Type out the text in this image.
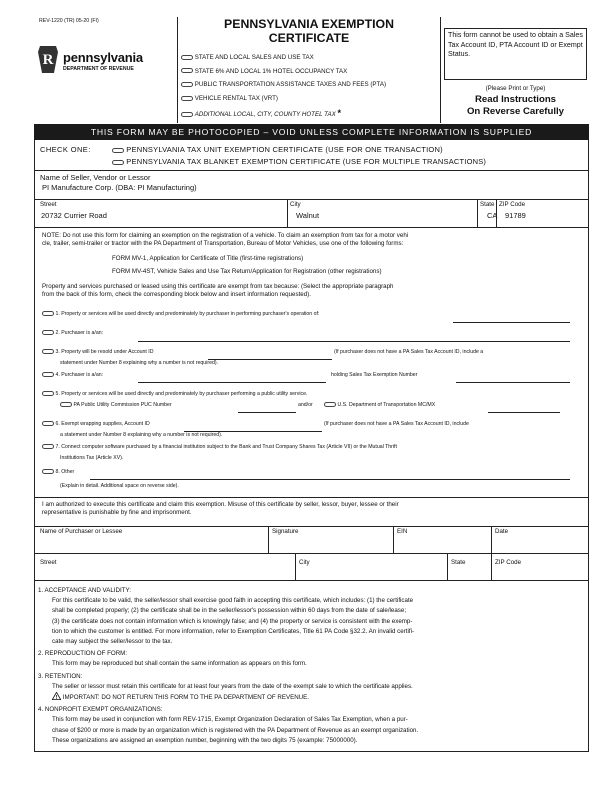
REV-1220 (TR) 05-20 (FI)
R pennsylvania
DEPARTMENT OF REVENUE
PENNSYLVANIA EXEMPTION
CERTIFICATE
STATE AND LOCAL SALES AND USE TAX
STATE 6% AND LOCAL 1% HOTEL OCCUPANCY TAX
PUBLIC TRANSPORTATION ASSISTANCE TAXES AND FEES (PTA)
VEHICLE RENTAL TAX (VRT)
ADDITIONAL LOCAL, CITY, COUNTY HOTEL TAX *
This form cannot be used to obtain a Sales Tax Account ID, PTA Account ID or Exempt Status.
(Please Print or Type)
Read Instructions
On Reverse Carefully
THIS FORM MAY BE PHOTOCOPIED – VOID UNLESS COMPLETE INFORMATION IS SUPPLIED
CHECK ONE:	PENNSYLVANIA TAX UNIT EXEMPTION CERTIFICATE (USE FOR ONE TRANSACTION)
PENNSYLVANIA TAX BLANKET EXEMPTION CERTIFICATE (USE FOR MULTIPLE TRANSACTIONS)
Name of Seller, Vendor or Lessor
PI Manufacture Corp. (DBA: PI Manufacturing)
Street
20732 Currier Road
City
Walnut
State
CA
ZIP Code
91789
NOTE: Do not use this form for claiming an exemption on the registration of a vehicle. To claim an exemption from tax for a motor vehi
cle, trailer, semi-trailer or tractor with the PA Department of Transportation, Bureau of Motor Vehicles, use one of the following forms:
FORM MV-1, Application for Certificate of Title (first-time registrations)
FORM MV-4ST, Vehicle Sales and Use Tax Return/Application for Registration (other registrations)
Property and services purchased or leased using this certificate are exempt from tax because: (Select the appropriate paragraph
from the back of this form, check the corresponding block below and insert information requested).
1. Property or services will be used directly and predominately by purchaser in performing purchaser's operation of:
2. Purchaser is a/an:
3. Property will be resold under Account ID	(If purchaser does not have a PA Sales Tax Account ID, include a
statement under Number 8 explaining why a number is not required).
4. Purchaser is a/an:	holding Sales Tax Exemption Number
5. Property or services will be used directly and predominately by purchaser performing a public utility service.
PA Public Utility Commission PUC Number	and/or	U.S. Department of Transportation MC/MX
6. Exempt wrapping supplies, Account ID	(If purchaser does not have a PA Sales Tax Account ID, include
a statement under Number 8 explaining why a number is not required).
7. Connect computer software purchased by a financial institution subject to the Bank and Trust Company Shares Tax (Article VII) or the Mutual Thrift
Institutions Tax (Article XV).
8. Other
(Explain in detail. Additional space on reverse side).
I am authorized to execute this certificate and claim this exemption. Misuse of this certificate by seller, lessor, buyer, lessee or their
representative is punishable by fine and imprisonment.
Name of Purchaser or Lessee	Signature	EIN	Date
Street	City	State	ZIP Code
1. ACCEPTANCE AND VALIDITY:
For this certificate to be valid, the seller/lessor shall exercise good faith in accepting this certificate, which includes: (1) the certificate
shall be completed properly; (2) the certificate shall be in the seller/lessor's possession within 60 days from the date of sale/lease;
(3) the certificate does not contain information which is knowingly false; and (4) the property or service is consistent with the exemp-
tion to which the customer is entitled. For more information, refer to Exemption Certificates, Title 61 PA Code §32.2. An invalid certifi-
cate may subject the seller/lessor to the tax.
2. REPRODUCTION OF FORM:
This form may be reproduced but shall contain the same information as appears on this form.
3. RETENTION:
The seller or lessor must retain this certificate for at least four years from the date of the exempt sale to which the certificate applies.
! IMPORTANT: DO NOT RETURN THIS FORM TO THE PA DEPARTMENT OF REVENUE.
4. NONPROFIT EXEMPT ORGANIZATIONS:
This form may be used in conjunction with form REV-1715, Exempt Organization Declaration of Sales Tax Exemption, when a pur-
chase of $200 or more is made by an organization which is registered with the PA Department of Revenue as an exempt organization.
These organizations are assigned an exemption number, beginning with the two digits 75 (example: 75000000).
